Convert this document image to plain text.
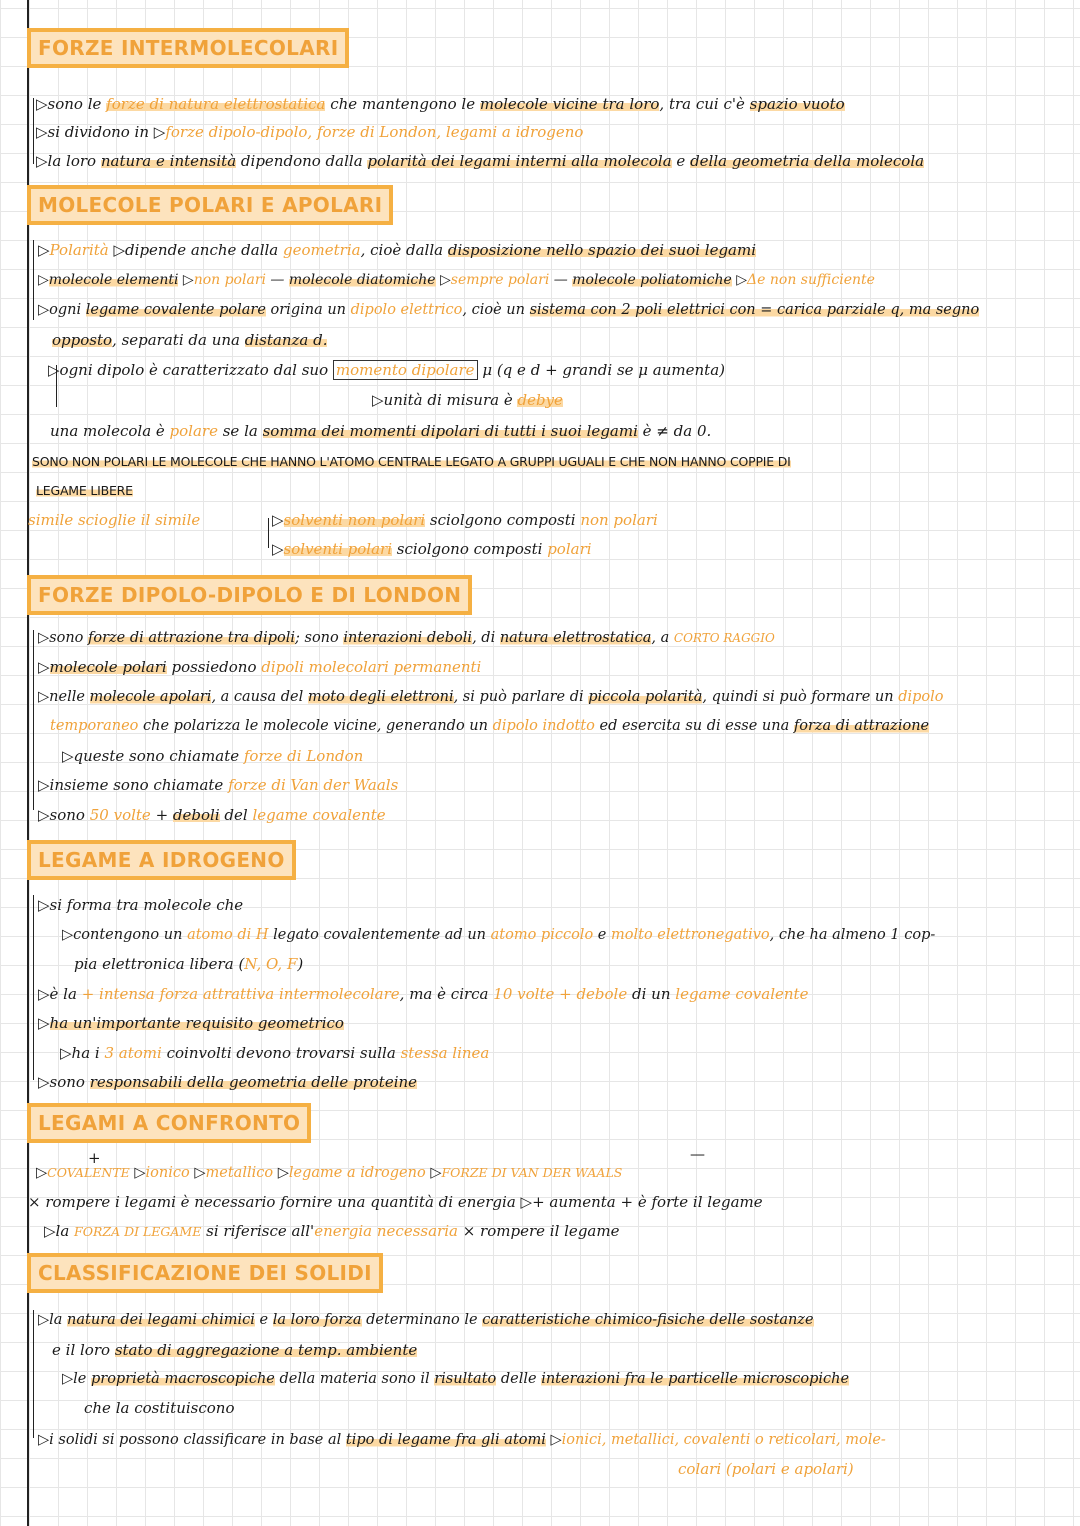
FORZE INTERMOLECOLARI
▷sono le forze di natura elettrostatica che mantengono le molecole vicine tra loro, tra cui c'è spazio vuoto
▷si dividono in ▷forze dipolo-dipolo, forze di London, legami a idrogeno
▷la loro natura e intensità dipendono dalla polarità dei legami interni alla molecola e della geometria della molecola
MOLECOLE POLARI E APOLARI
▷Polarità ▷dipende anche dalla geometria, cioè dalla disposizione nello spazio dei suoi legami
▷molecole elementi ▷non polari — molecole diatomiche ▷sempre polari — molecole poliatomiche ▷Δe non sufficiente
▷ogni legame covalente polare origina un dipolo elettrico, cioè un sistema con 2 poli elettrici con = carica parziale q, ma segno
opposto, separati da una distanza d.
▷ogni dipolo è caratterizzato dal suo momento dipolare μ (q e d + grandi se μ aumenta)
▷unità di misura è debye
una molecola è polare se la somma dei momenti dipolari di tutti i suoi legami è ≠ da 0.
SONO NON POLARI LE MOLECOLE CHE HANNO L'ATOMO CENTRALE LEGATO A GRUPPI UGUALI E CHE NON HANNO COPPIE DI
LEGAME LIBERE
simile scioglie il simile	▷solventi non polari sciolgono composti non polari
▷solventi polari sciolgono composti polari
FORZE DIPOLO-DIPOLO E DI LONDON
▷sono forze di attrazione tra dipoli; sono interazioni deboli, di natura elettrostatica, a CORTO RAGGIO
▷molecole polari possiedono dipoli molecolari permanenti
▷nelle molecole apolari, a causa del moto degli elettroni, si può parlare di piccola polarità, quindi si può formare un dipolo
temporaneo che polarizza le molecole vicine, generando un dipolo indotto ed esercita su di esse una forza di attrazione
▷queste sono chiamate forze di London
▷insieme sono chiamate forze di Van der Waals
▷sono 50 volte + deboli del legame covalente
LEGAME A IDROGENO
▷si forma tra molecole che
▷contengono un atomo di H legato covalentemente ad un atomo piccolo e molto elettronegativo, che ha almeno 1 cop-
pia elettronica libera (N, O, F)
▷è la + intensa forza attrattiva intermolecolare, ma è circa 10 volte + debole di un legame covalente
▷ha un'importante requisito geometrico
▷ha i 3 atomi coinvolti devono trovarsi sulla stessa linea
▷sono responsabili della geometria delle proteine
LEGAMI A CONFRONTO
+	—
▷COVALENTE ▷ionico ▷metallico ▷legame a idrogeno ▷FORZE DI VAN DER WAALS
× rompere i legami è necessario fornire una quantità di energia ▷+ aumenta + è forte il legame
▷la FORZA DI LEGAME si riferisce all'energia necessaria × rompere il legame
CLASSIFICAZIONE DEI SOLIDI
▷la natura dei legami chimici e la loro forza determinano le caratteristiche chimico-fisiche delle sostanze
e il loro stato di aggregazione a temp. ambiente
▷le proprietà macroscopiche della materia sono il risultato delle interazioni fra le particelle microscopiche
che la costituiscono
▷i solidi si possono classificare in base al tipo di legame fra gli atomi ▷ionici, metallici, covalenti o reticolari, mole-
colari (polari e apolari)
